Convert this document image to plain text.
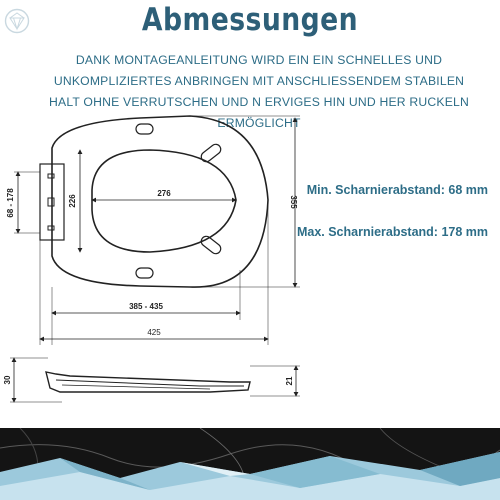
Abmessungen
DANK MONTAGEANLEITUNG WIRD EIN EIN SCHNELLES UND UNKOMPLIZIERTES ANBRINGEN MIT ANSCHLIESSENDEM STABILEN HALT OHNE VERRUTSCHEN UND N ERVIGES HIN UND HER RUCKELN ERMÖGLICHT
Min. Scharnierabstand: 68 mm
Max. Scharnierabstand: 178 mm
68 - 178	276
226	355
385 - 435
425
30	21
